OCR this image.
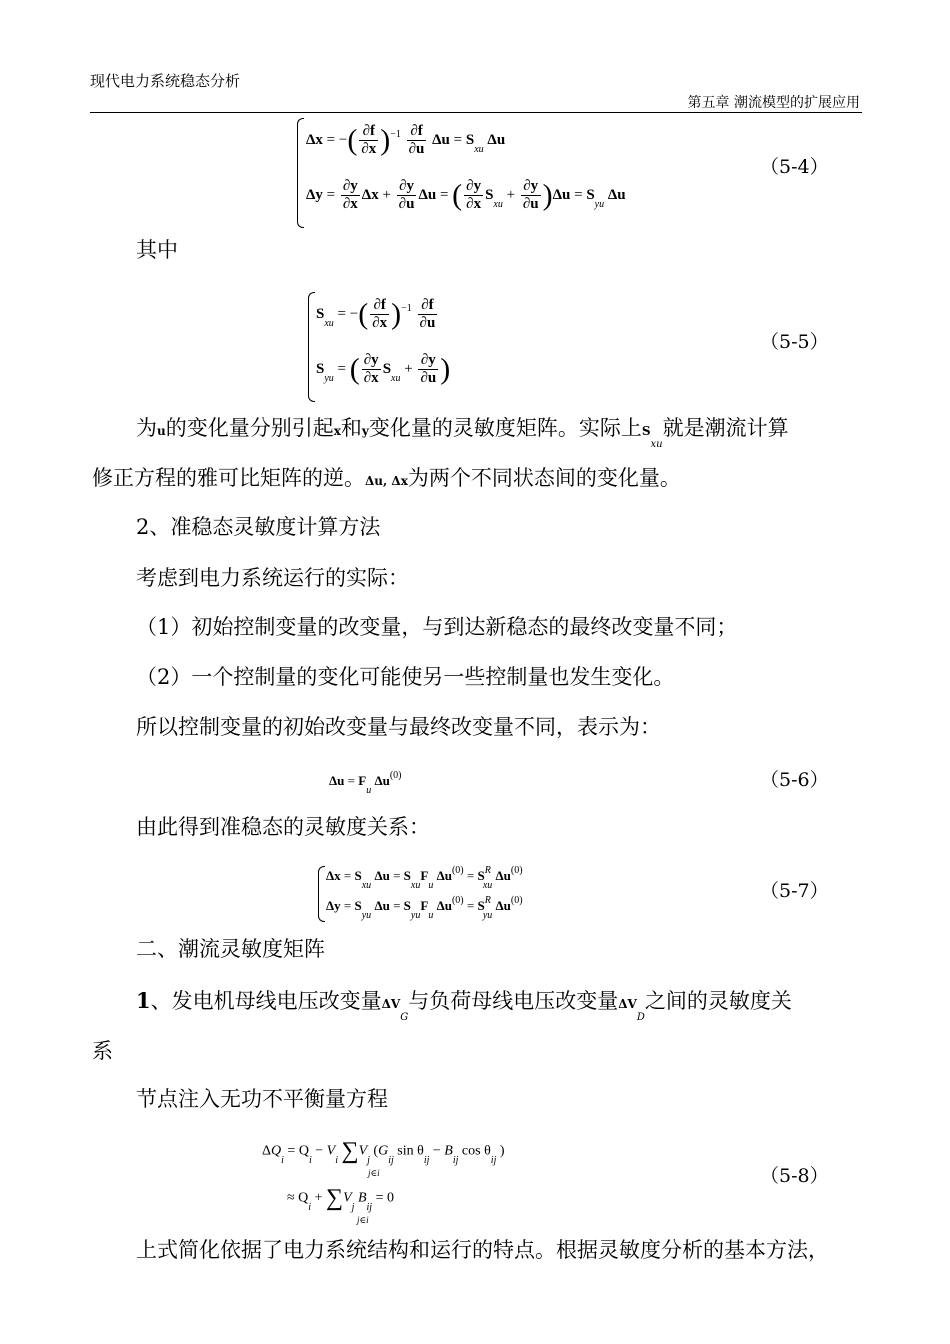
现代电力系统稳态分析
第五章 潮流模型的扩展应用
Δx = −( $\frac{\partial f}{\partial x} )^{-1} \frac{\partial f}{\partial u}$ $\Delta u = S_{xu}$ Δu
$\Delta y = \frac{\partial y}{\partial x}$ $\Delta x + \frac{\partial y}{\partial u}$ Δu = ( $\frac{\partial y}{\partial x} S_{xu} + \frac{\partial y}{\partial u} )\Delta u = S_{yu}$ Δu
（5-4）
其中
$S_{xu}$ = −( $\frac{\partial f}{\partial x} )^{-1} \frac{\partial f}{\partial u}$
$S_{yu}$ = ( $\frac{\partial y}{\partial x} S_{xu} + \frac{\partial y}{\partial u}$ )
（5-5）
为u的变化量分别引起x和y变化量的灵敏度矩阵。实际上$S_{xu}$就是潮流计算
修正方程的雅可比矩阵的逆。Δu, Δx为两个不同状态间的变化量。
2、准稳态灵敏度计算方法
考虑到电力系统运行的实际：
（1）初始控制变量的改变量，与到达新稳态的最终改变量不同；
（2）一个控制量的变化可能使另一些控制量也发生变化。
所以控制变量的初始改变量与最终改变量不同，表示为：
$\Delta u = F_u$ $\Delta u^{(0)}$	（5-6）
由此得到准稳态的灵敏度关系：
$\Delta x = S_{xu}$ $\Delta u = S_{xu}F_u$ $\Delta u^{(0)} = S^R_{xu}$ $\Delta u^{(0)}$
$\Delta y = S_{yu}$ $\Delta u = S_{yu}F_u$ $\Delta u^{(0)} = S^R_{yu}$ $\Delta u^{(0)}$	（5-7）
二、潮流灵敏度矩阵
1、发电机母线电压改变量$\Delta V_G$与负荷母线电压改变量$\Delta V_D$之间的灵敏度关
系
节点注入无功不平衡量方程
$\Delta Q_i = Q_i - V_i$ $\sum V_j$ ($G_{ij}$ $\sin \theta_{ij} - B_{ij}$ $\cos \theta_{ij}$ )
j∈i
≈ $Q_i + \sum V_j$ $B_{ij} = 0$
j∈i
（5-8）
上式简化依据了电力系统结构和运行的特点。根据灵敏度分析的基本方法，
